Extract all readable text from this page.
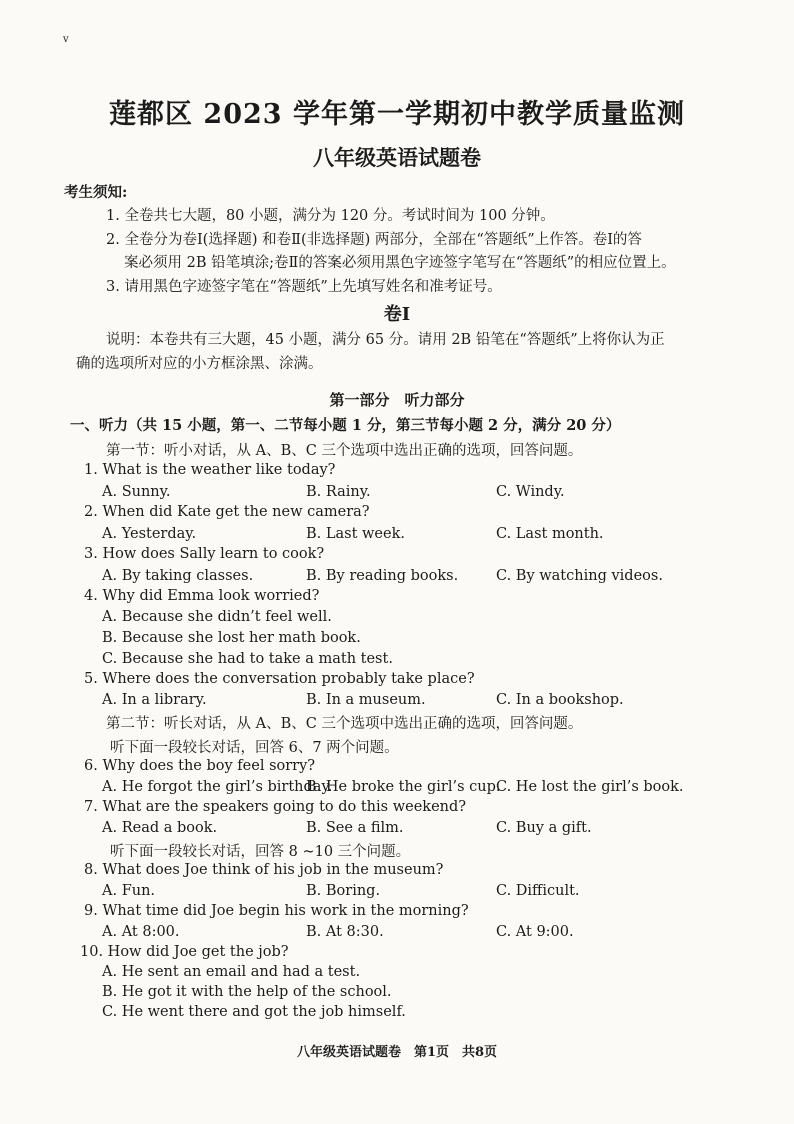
v
莲都区 2023 学年第一学期初中教学质量监测
八年级英语试题卷
考生须知:
1. 全卷共七大题，80 小题，满分为 120 分。考试时间为 100 分钟。
2. 全卷分为卷Ⅰ(选择题) 和卷Ⅱ(非选择题) 两部分，全部在“答题纸”上作答。卷Ⅰ的答
案必须用 2B 铅笔填涂;卷Ⅱ的答案必须用黑色字迹签字笔写在“答题纸”的相应位置上。
3. 请用黑色字迹签字笔在“答题纸”上先填写姓名和准考证号。
卷Ⅰ
说明：本卷共有三大题，45 小题，满分 65 分。请用 2B 铅笔在“答题纸”上将你认为正
确的选项所对应的小方框涂黑、涂满。
第一部分　听力部分
一、听力（共 15 小题，第一、二节每小题 1 分，第三节每小题 2 分，满分 20 分）
第一节：听小对话，从 A、B、C 三个选项中选出正确的选项，回答问题。
1. What is the weather like today?
A. Sunny.	B. Rainy.	C. Windy.
2. When did Kate get the new camera?
A. Yesterday.	B. Last week.	C. Last month.
3. How does Sally learn to cook?
A. By taking classes.	B. By reading books.	C. By watching videos.
4. Why did Emma look worried?
A. Because she didn’t feel well.
B. Because she lost her math book.
C. Because she had to take a math test.
5. Where does the conversation probably take place?
A. In a library.	B. In a museum.	C. In a bookshop.
第二节：听长对话，从 A、B、C 三个选项中选出正确的选项，回答问题。
听下面一段较长对话，回答 6、7 两个问题。
6. Why does the boy feel sorry?
A. He forgot the girl’s birthday.
B. He broke the girl’s cup.
C. He lost the girl’s book.
7. What are the speakers going to do this weekend?
A. Read a book.	B. See a film.	C. Buy a gift.
听下面一段较长对话，回答 8 ~10 三个问题。
8. What does Joe think of his job in the museum?
A. Fun.	B. Boring.	C. Difficult.
9. What time did Joe begin his work in the morning?
A. At 8:00.	B. At 8:30.	C. At 9:00.
10. How did Joe get the job?
A. He sent an email and had a test.
B. He got it with the help of the school.
C. He went there and got the job himself.
八年级英语试题卷　第1页　共8页
